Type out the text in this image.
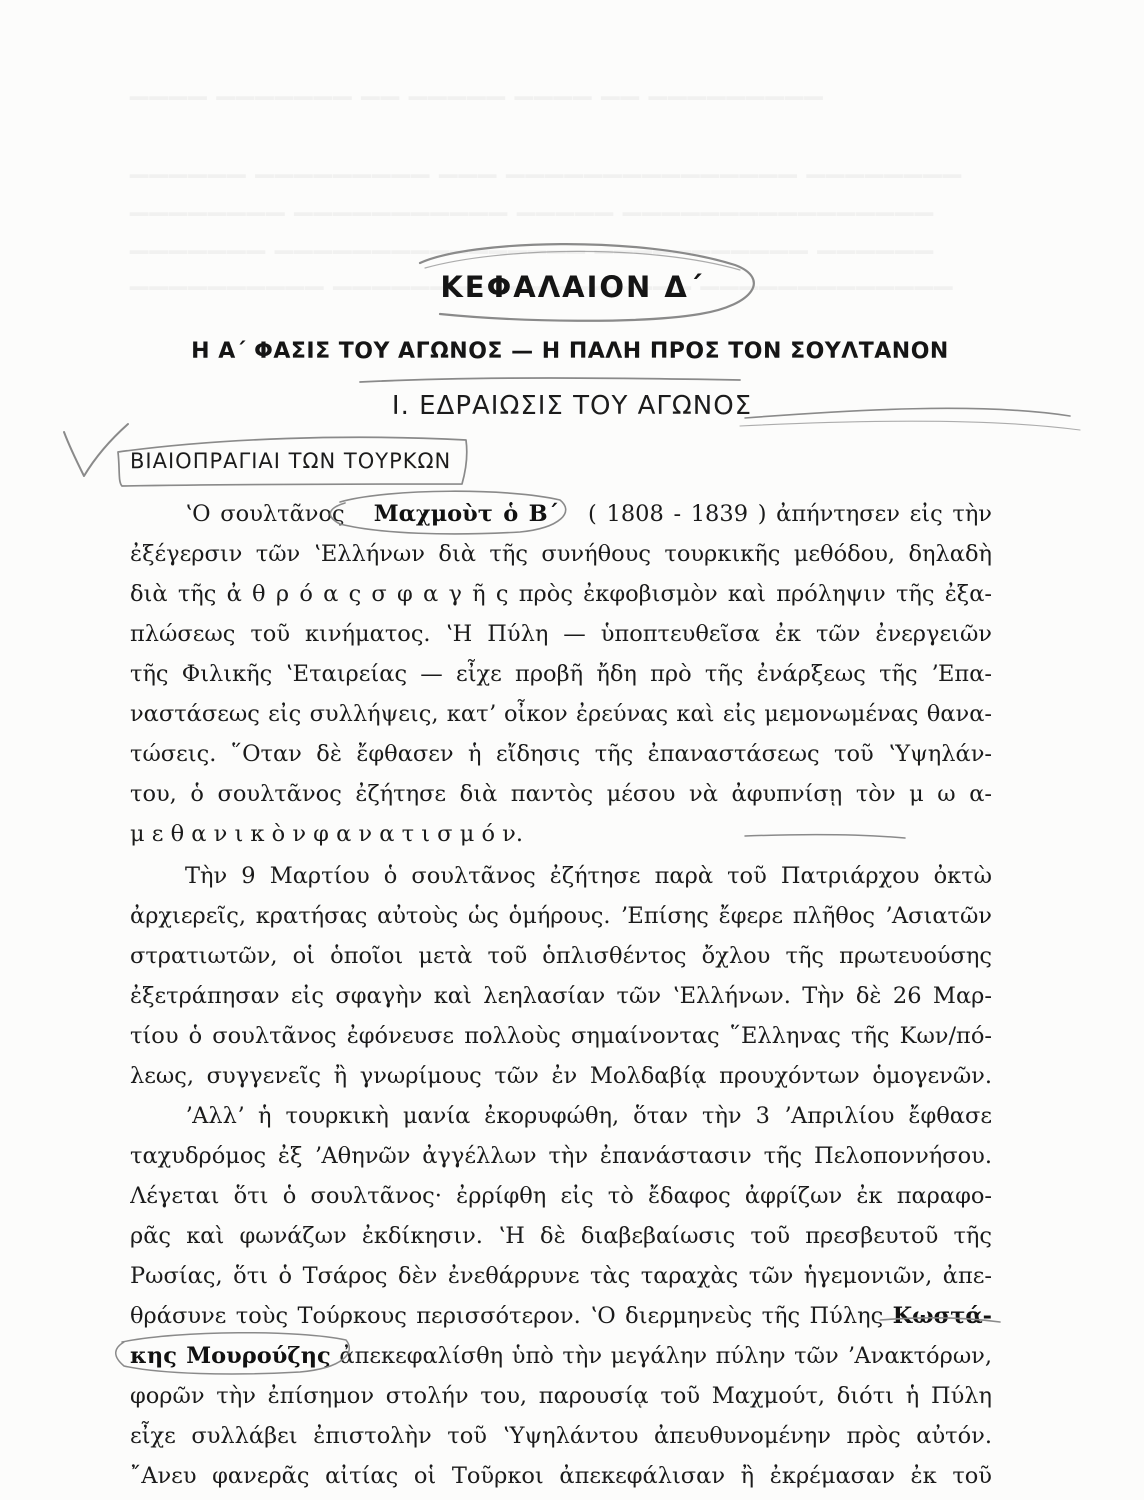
ΚΕΦΑΛΑΙΟΝ Δ΄
Η Α΄ ΦΑΣΙΣ ΤΟΥ ΑΓΩΝΟΣ — Η ΠΑΛΗ ΠΡΟΣ ΤΟΝ ΣΟΥΛΤΑΝΟΝ
Ι. ΕΔΡΑΙΩΣΙΣ ΤΟΥ ΑΓΩΝΟΣ
ΒΙΑΙΟΠΡΑΓΙΑΙ ΤΩΝ ΤΟΥΡΚΩΝ
ʽΟ σουλτᾶνος Μαχμοὺτ ὁ Β΄ ( 1808 - 1839 ) ἀπήντησεν εἰς τὴν
ἐξέγερσιν τῶν ʽΕλλήνων διὰ τῆς συνήθους τουρκικῆς μεθόδου, δηλαδὴ
διὰ τῆς ἀ θ ρ ό α ς σ φ α γ ῆ ς πρὸς ἐκφοβισμὸν καὶ πρόληψιν τῆς ἐξα-
πλώσεως τοῦ κινήματος. ʽΗ Πύλη — ὑποπτευθεῖσα ἐκ τῶν ἐνεργειῶν
τῆς Φιλικῆς ʽΕταιρείας — εἶχε προβῆ ἤδη πρὸ τῆς ἐνάρξεως τῆς ʼΕπα-
ναστάσεως εἰς συλλήψεις, κατʼ οἶκον ἐρεύνας καὶ εἰς μεμονωμένας θανα-
τώσεις. ῞Οταν δὲ ἔφθασεν ἡ εἴδησις τῆς ἐπαναστάσεως τοῦ ʽΥψηλάν-
του, ὁ σουλτᾶνος ἐζήτησε διὰ παντὸς μέσου νὰ ἀφυπνίσῃ τὸν μ ω α-
μ ε θ α ν ι κ ὸ ν φ α ν α τ ι σ μ ό ν.
Τὴν 9 Μαρτίου ὁ σουλτᾶνος ἐζήτησε παρὰ τοῦ Πατριάρχου ὀκτὼ
ἀρχιερεῖς, κρατήσας αὐτοὺς ὡς ὁμήρους. ʼΕπίσης ἔφερε πλῆθος ʼΑσιατῶν
στρατιωτῶν, οἱ ὁποῖοι μετὰ τοῦ ὁπλισθέντος ὄχλου τῆς πρωτευούσης
ἐξετράπησαν εἰς σφαγὴν καὶ λεηλασίαν τῶν ʽΕλλήνων. Τὴν δὲ 26 Μαρ-
τίου ὁ σουλτᾶνος ἐφόνευσε πολλοὺς σημαίνοντας ῞Ελληνας τῆς Κων/πό-
λεως, συγγενεῖς ἢ γνωρίμους τῶν ἐν Μολδαβίᾳ προυχόντων ὁμογενῶν.
ʼΑλλʼ ἡ τουρκικὴ μανία ἐκορυφώθη, ὅταν τὴν 3 ʼΑπριλίου ἔφθασε
ταχυδρόμος ἐξ ʼΑθηνῶν ἀγγέλλων τὴν ἐπανάστασιν τῆς Πελοποννήσου.
Λέγεται ὅτι ὁ σουλτᾶνος· ἐρρίφθη εἰς τὸ ἔδαφος ἀφρίζων ἐκ παραφο-
ρᾶς καὶ φωνάζων ἐκδίκησιν. ʽΗ δὲ διαβεβαίωσις τοῦ πρεσβευτοῦ τῆς
Ρωσίας, ὅτι ὁ Τσάρος δὲν ἐνεθάρρυνε τὰς ταραχὰς τῶν ἡγεμονιῶν, ἀπε-
θράσυνε τοὺς Τούρκους περισσότερον. ʽΟ διερμηνεὺς τῆς Πύλης Κωστά-
κης Μουρούζης ἀπεκεφαλίσθη ὑπὸ τὴν μεγάλην πύλην τῶν ʼΑνακτόρων,
φορῶν τὴν ἐπίσημον στολήν του, παρουσίᾳ τοῦ Μαχμούτ, διότι ἡ Πύλη
εἶχε συλλάβει ἐπιστολὴν τοῦ ʽΥψηλάντου ἀπευθυνομένην πρὸς αὐτόν.
῎Ανευ φανερᾶς αἰτίας οἱ Τοῦρκοι ἀπεκεφάλισαν ἢ ἐκρέμασαν ἐκ τοῦ
